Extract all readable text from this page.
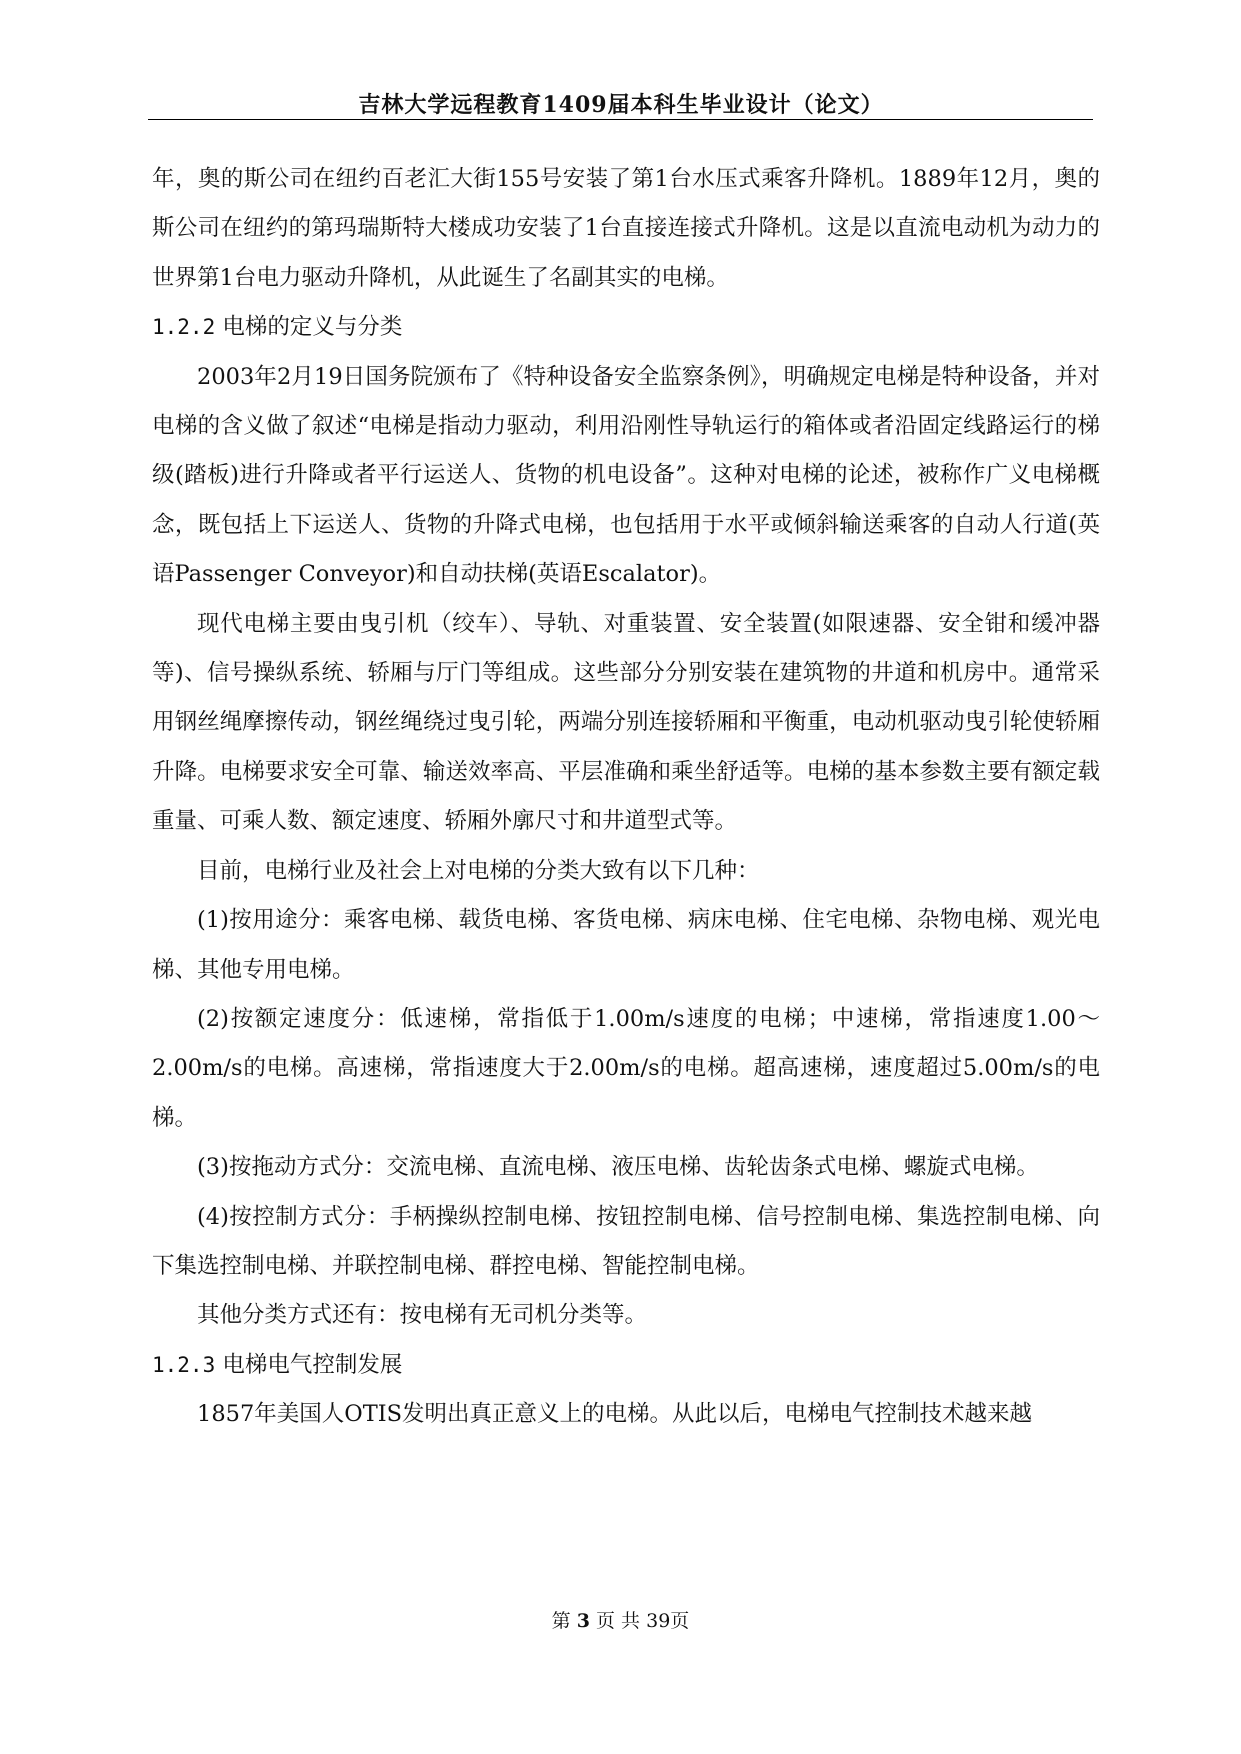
吉林大学远程教育1409届本科生毕业设计（论文）

年，奥的斯公司在纽约百老汇大街155号安装了第1台水压式乘客升降机。1889年12月，奥的斯公司在纽约的第玛瑞斯特大楼成功安装了1台直接连接式升降机。这是以直流电动机为动力的世界第1台电力驱动升降机，从此诞生了名副其实的电梯。

1.2.2 电梯的定义与分类

2003年2月19日国务院颁布了《特种设备安全监察条例》，明确规定电梯是特种设备，并对电梯的含义做了叙述“电梯是指动力驱动，利用沿刚性导轨运行的箱体或者沿固定线路运行的梯级(踏板)进行升降或者平行运送人、货物的机电设备”。这种对电梯的论述，被称作广义电梯概念，既包括上下运送人、货物的升降式电梯，也包括用于水平或倾斜输送乘客的自动人行道(英语Passenger Conveyor)和自动扶梯(英语Escalator)。

现代电梯主要由曳引机（绞车）、导轨、对重装置、安全装置(如限速器、安全钳和缓冲器等)、信号操纵系统、轿厢与厅门等组成。这些部分分别安装在建筑物的井道和机房中。通常采用钢丝绳摩擦传动，钢丝绳绕过曳引轮，两端分别连接轿厢和平衡重，电动机驱动曳引轮使轿厢升降。电梯要求安全可靠、输送效率高、平层准确和乘坐舒适等。电梯的基本参数主要有额定载重量、可乘人数、额定速度、轿厢外廓尺寸和井道型式等。

目前，电梯行业及社会上对电梯的分类大致有以下几种：

(1)按用途分：乘客电梯、载货电梯、客货电梯、病床电梯、住宅电梯、杂物电梯、观光电梯、其他专用电梯。

(2)按额定速度分：低速梯，常指低于1.00m/s速度的电梯；中速梯，常指速度1.00～2.00m/s的电梯。高速梯，常指速度大于2.00m/s的电梯。超高速梯，速度超过5.00m/s的电梯。

(3)按拖动方式分：交流电梯、直流电梯、液压电梯、齿轮齿条式电梯、螺旋式电梯。

(4)按控制方式分：手柄操纵控制电梯、按钮控制电梯、信号控制电梯、集选控制电梯、向下集选控制电梯、并联控制电梯、群控电梯、智能控制电梯。

其他分类方式还有：按电梯有无司机分类等。

1.2.3 电梯电气控制发展

1857年美国人OTIS发明出真正意义上的电梯。从此以后，电梯电气控制技术越来越

第 3 页 共 39页
